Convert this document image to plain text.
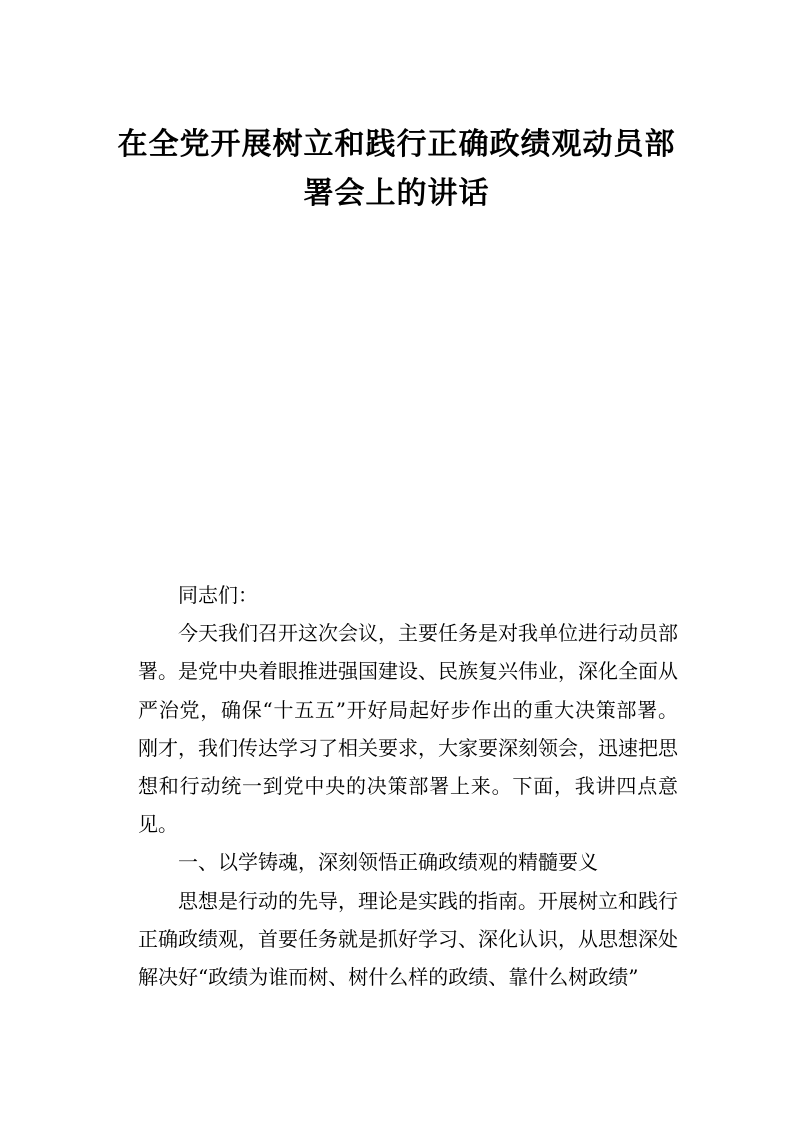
在全党开展树立和践行正确政绩观动员部
署会上的讲话

同志们：

今天我们召开这次会议，主要任务是对我单位进行动员部署。是党中央着眼推进强国建设、民族复兴伟业，深化全面从严治党，确保“十五五”开好局起好步作出的重大决策部署。刚才，我们传达学习了相关要求，大家要深刻领会，迅速把思想和行动统一到党中央的决策部署上来。下面，我讲四点意见。

一、以学铸魂，深刻领悟正确政绩观的精髓要义

思想是行动的先导，理论是实践的指南。开展树立和践行正确政绩观，首要任务就是抓好学习、深化认识，从思想深处解决好“政绩为谁而树、树什么样的政绩、靠什么树政绩”
